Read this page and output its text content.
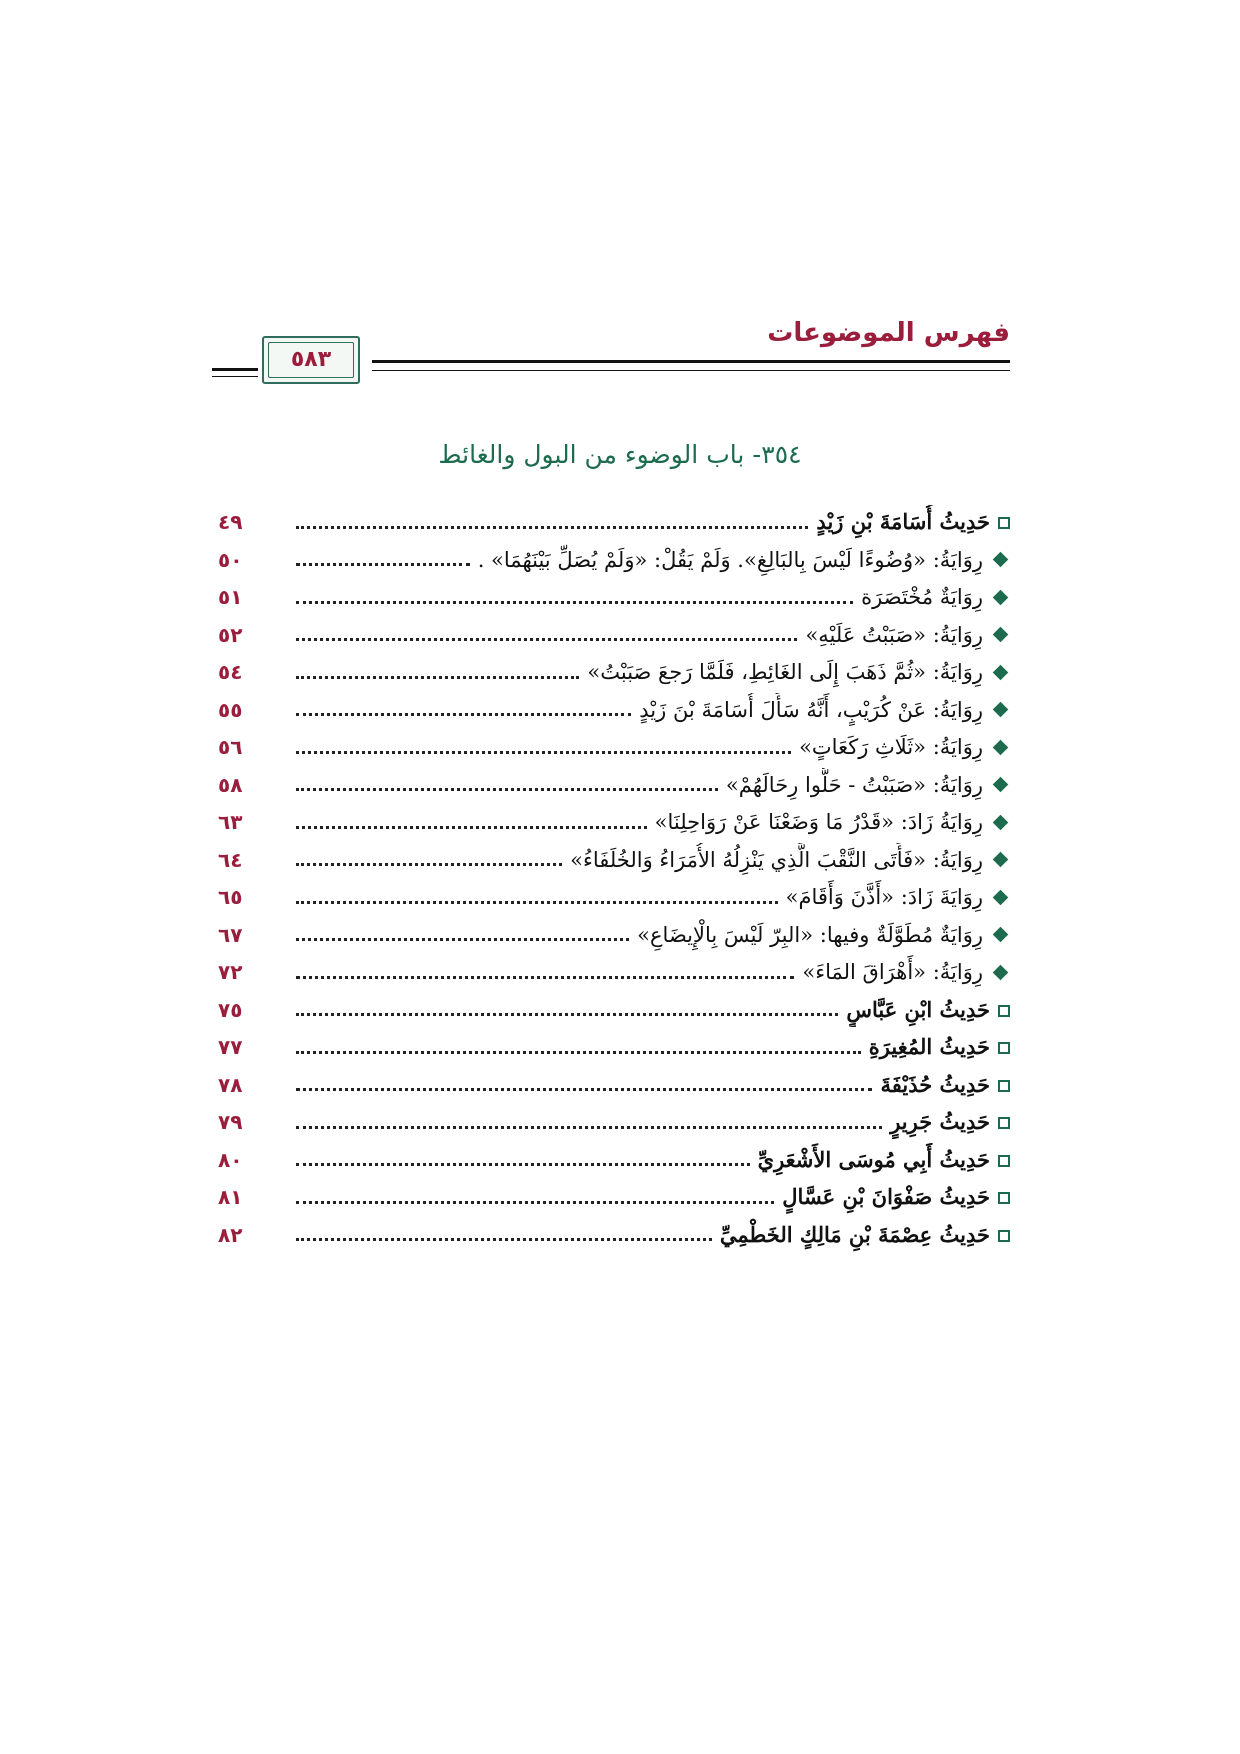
فهرس الموضوعات
٥٨٣
٣٥٤- باب الوضوء من البول والغائط
حَدِيثُ أُسَامَةَ بْنِ زَيْدٍ
٤٩
رِوَايَةُ: «وُضُوءًا لَيْسَ بِالبَالِغِ». وَلَمْ يَقُلْ: «وَلَمْ يُصَلِّ بَيْنَهُمَا» .
٥٠
رِوَايَةٌ مُخْتَصَرَة
٥١
رِوَايَةُ: «صَبَبْتُ عَلَيْهِ»
٥٢
رِوَايَةُ: «ثُمَّ ذَهَبَ إِلَى الغَائِطِ، فَلَمَّا رَجعَ صَبَبْتُ»
٥٤
رِوَايَةُ: عَنْ كُرَيْبٍ، أَنَّهُ سَأَلَ أُسَامَةَ بْنَ زَيْدٍ
٥٥
رِوَايَةُ: «ثَلَاثِ رَكَعَاتٍ»
٥٦
رِوَايَةُ: «صَبَبْتُ - حَلُّوا رِحَالَهُمْ»
٥٨
رِوَايَةُ زَادَ: «قَدْرُ مَا وَضَعْنَا عَنْ رَوَاحِلِنَا»
٦٣
رِوَايَةُ: «فَأَتَى النَّقْبَ الَّذِي يَنْزِلُهُ الأُمَرَاءُ وَالخُلَفَاءُ»
٦٤
رِوَايَةَ زَادَ: «أَذَّنَ وَأَقَامَ»
٦٥
رِوَايَةٌ مُطَوَّلَةٌ وفيها: «البِرّ لَيْسَ بِالْإِيضَاعِ»
٦٧
رِوَايَةُ: «أَهْرَاقَ المَاءَ»
٧٢
حَدِيثُ ابْنِ عَبَّاسٍ
٧٥
حَدِيثُ المُغِيرَةِ
٧٧
حَدِيثُ حُذَيْفَةَ
٧٨
حَدِيثُ جَرِيرٍ
٧٩
حَدِيثُ أَبِي مُوسَى الأَشْعَرِيِّ
٨٠
حَدِيثُ صَفْوَانَ بْنِ عَسَّالٍ
٨١
حَدِيثُ عِصْمَةَ بْنِ مَالِكٍ الخَطْمِيِّ
٨٢
